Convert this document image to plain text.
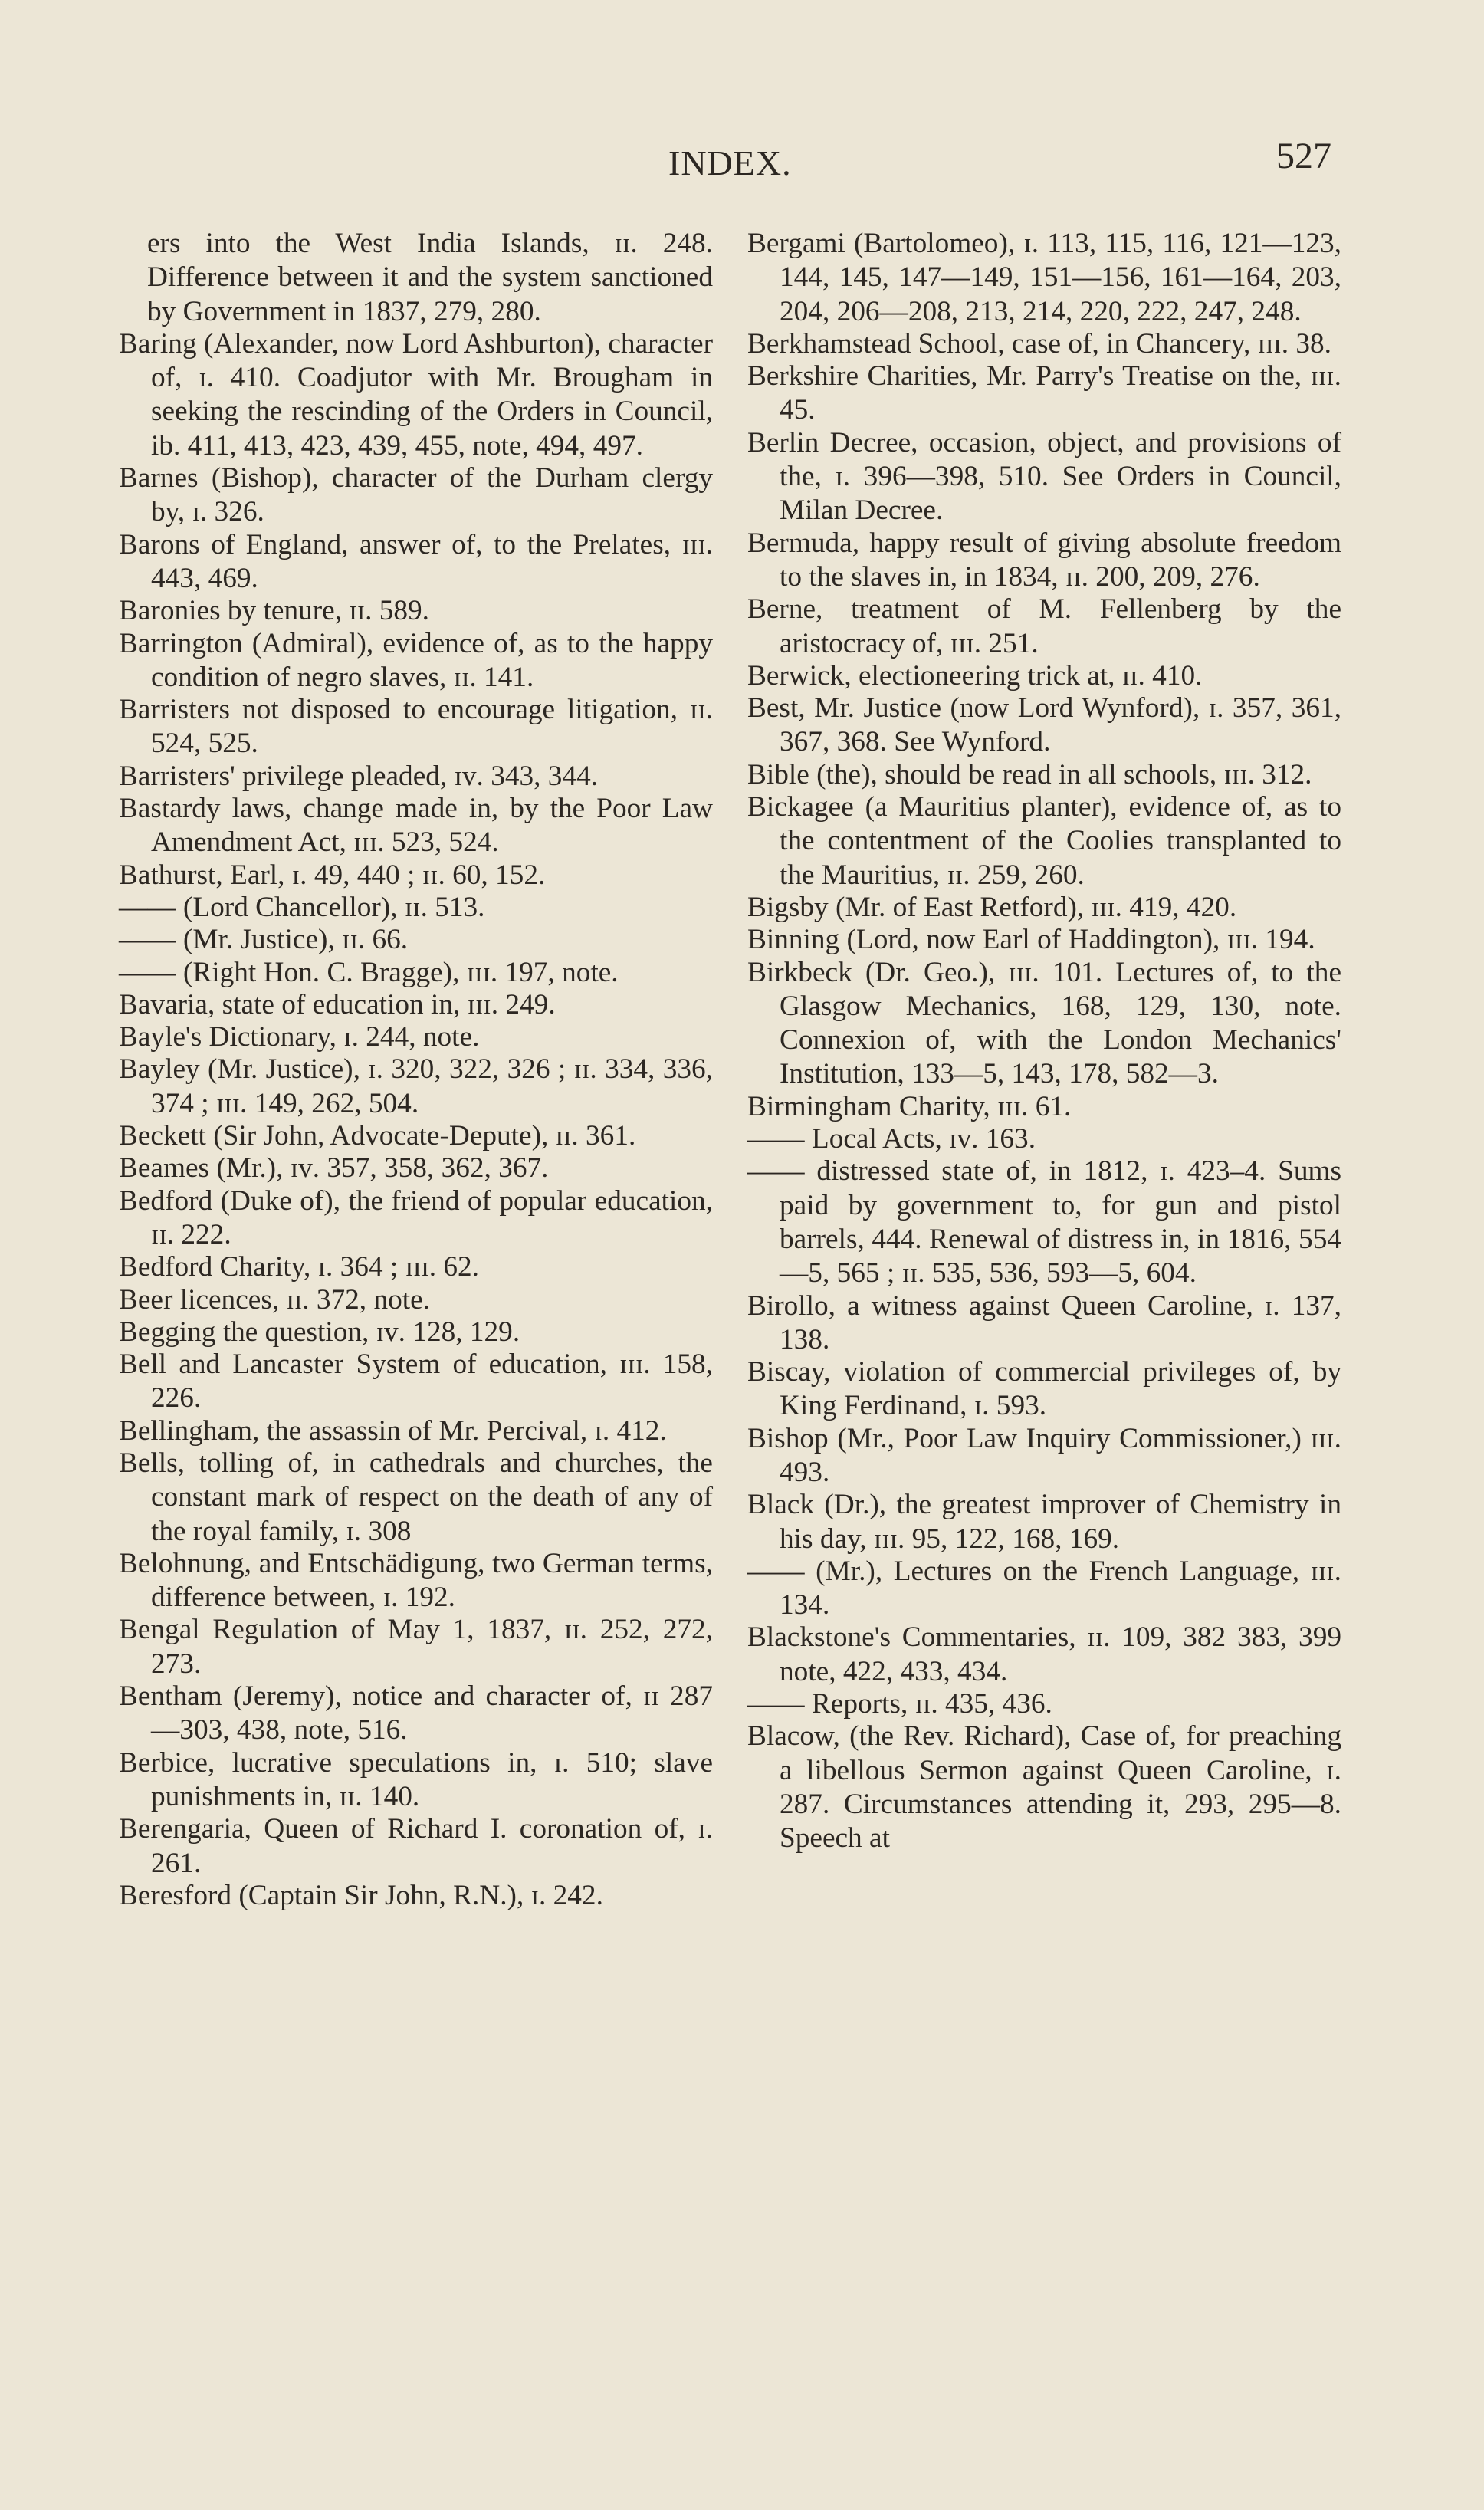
INDEX.	527

ers into the West India Islands, ɪɪ. 248. Difference between it and the system sanctioned by Government in 1837, 279, 280.

Baring (Alexander, now Lord Ashburton), character of, ɪ. 410. Coadjutor with Mr. Brougham in seeking the rescinding of the Orders in Council, ib. 411, 413, 423, 439, 455, note, 494, 497.

Barnes (Bishop), character of the Durham clergy by, ɪ. 326.

Barons of England, answer of, to the Prelates, ɪɪɪ. 443, 469.

Baronies by tenure, ɪɪ. 589.

Barrington (Admiral), evidence of, as to the happy condition of negro slaves, ɪɪ. 141.

Barristers not disposed to encourage litigation, ɪɪ. 524, 525.

Barristers' privilege pleaded, ɪᴠ. 343, 344.

Bastardy laws, change made in, by the Poor Law Amendment Act, ɪɪɪ. 523, 524.

Bathurst, Earl, ɪ. 49, 440 ; ɪɪ. 60, 152.

—— (Lord Chancellor), ɪɪ. 513.

—— (Mr. Justice), ɪɪ. 66.

—— (Right Hon. C. Bragge), ɪɪɪ. 197, note.

Bavaria, state of education in, ɪɪɪ. 249.

Bayle's Dictionary, ɪ. 244, note.

Bayley (Mr. Justice), ɪ. 320, 322, 326 ; ɪɪ. 334, 336, 374 ; ɪɪɪ. 149, 262, 504.

Beckett (Sir John, Advocate-Depute), ɪɪ. 361.

Beames (Mr.), ɪᴠ. 357, 358, 362, 367.

Bedford (Duke of), the friend of popular education, ɪɪ. 222.

Bedford Charity, ɪ. 364 ; ɪɪɪ. 62.

Beer licences, ɪɪ. 372, note.

Begging the question, ɪᴠ. 128, 129.

Bell and Lancaster System of education, ɪɪɪ. 158, 226.

Bellingham, the assassin of Mr. Percival, ɪ. 412.

Bells, tolling of, in cathedrals and churches, the constant mark of respect on the death of any of the royal family, ɪ. 308

Belohnung, and Entschädigung, two German terms, difference between, ɪ. 192.

Bengal Regulation of May 1, 1837, ɪɪ. 252, 272, 273.

Bentham (Jeremy), notice and character of, ɪɪ 287—303, 438, note, 516.

Berbice, lucrative speculations in, ɪ. 510; slave punishments in, ɪɪ. 140.

Berengaria, Queen of Richard I. coronation of, ɪ. 261.

Beresford (Captain Sir John, R.N.), ɪ. 242.

Bergami (Bartolomeo), ɪ. 113, 115, 116, 121—123, 144, 145, 147—149, 151—156, 161—164, 203, 204, 206—208, 213, 214, 220, 222, 247, 248.

Berkhamstead School, case of, in Chancery, ɪɪɪ. 38.

Berkshire Charities, Mr. Parry's Treatise on the, ɪɪɪ. 45.

Berlin Decree, occasion, object, and provisions of the, ɪ. 396—398, 510. See Orders in Council, Milan Decree.

Bermuda, happy result of giving absolute freedom to the slaves in, in 1834, ɪɪ. 200, 209, 276.

Berne, treatment of M. Fellenberg by the aristocracy of, ɪɪɪ. 251.

Berwick, electioneering trick at, ɪɪ. 410.

Best, Mr. Justice (now Lord Wynford), ɪ. 357, 361, 367, 368. See Wynford.

Bible (the), should be read in all schools, ɪɪɪ. 312.

Bickagee (a Mauritius planter), evidence of, as to the contentment of the Coolies transplanted to the Mauritius, ɪɪ. 259, 260.

Bigsby (Mr. of East Retford), ɪɪɪ. 419, 420.

Binning (Lord, now Earl of Haddington), ɪɪɪ. 194.

Birkbeck (Dr. Geo.), ɪɪɪ. 101. Lectures of, to the Glasgow Mechanics, 168, 129, 130, note. Connexion of, with the London Mechanics' Institution, 133—5, 143, 178, 582—3.

Birmingham Charity, ɪɪɪ. 61.

—— Local Acts, ɪᴠ. 163.

—— distressed state of, in 1812, ɪ. 423–4. Sums paid by government to, for gun and pistol barrels, 444. Renewal of distress in, in 1816, 554—5, 565 ; ɪɪ. 535, 536, 593—5, 604.

Birollo, a witness against Queen Caroline, ɪ. 137, 138.

Biscay, violation of commercial privileges of, by King Ferdinand, ɪ. 593.

Bishop (Mr., Poor Law Inquiry Commissioner,) ɪɪɪ. 493.

Black (Dr.), the greatest improver of Chemistry in his day, ɪɪɪ. 95, 122, 168, 169.

—— (Mr.), Lectures on the French Language, ɪɪɪ. 134.

Blackstone's Commentaries, ɪɪ. 109, 382 383, 399 note, 422, 433, 434.

—— Reports, ɪɪ. 435, 436.

Blacow, (the Rev. Richard), Case of, for preaching a libellous Sermon against Queen Caroline, ɪ. 287. Circumstances attending it, 293, 295—8. Speech at
